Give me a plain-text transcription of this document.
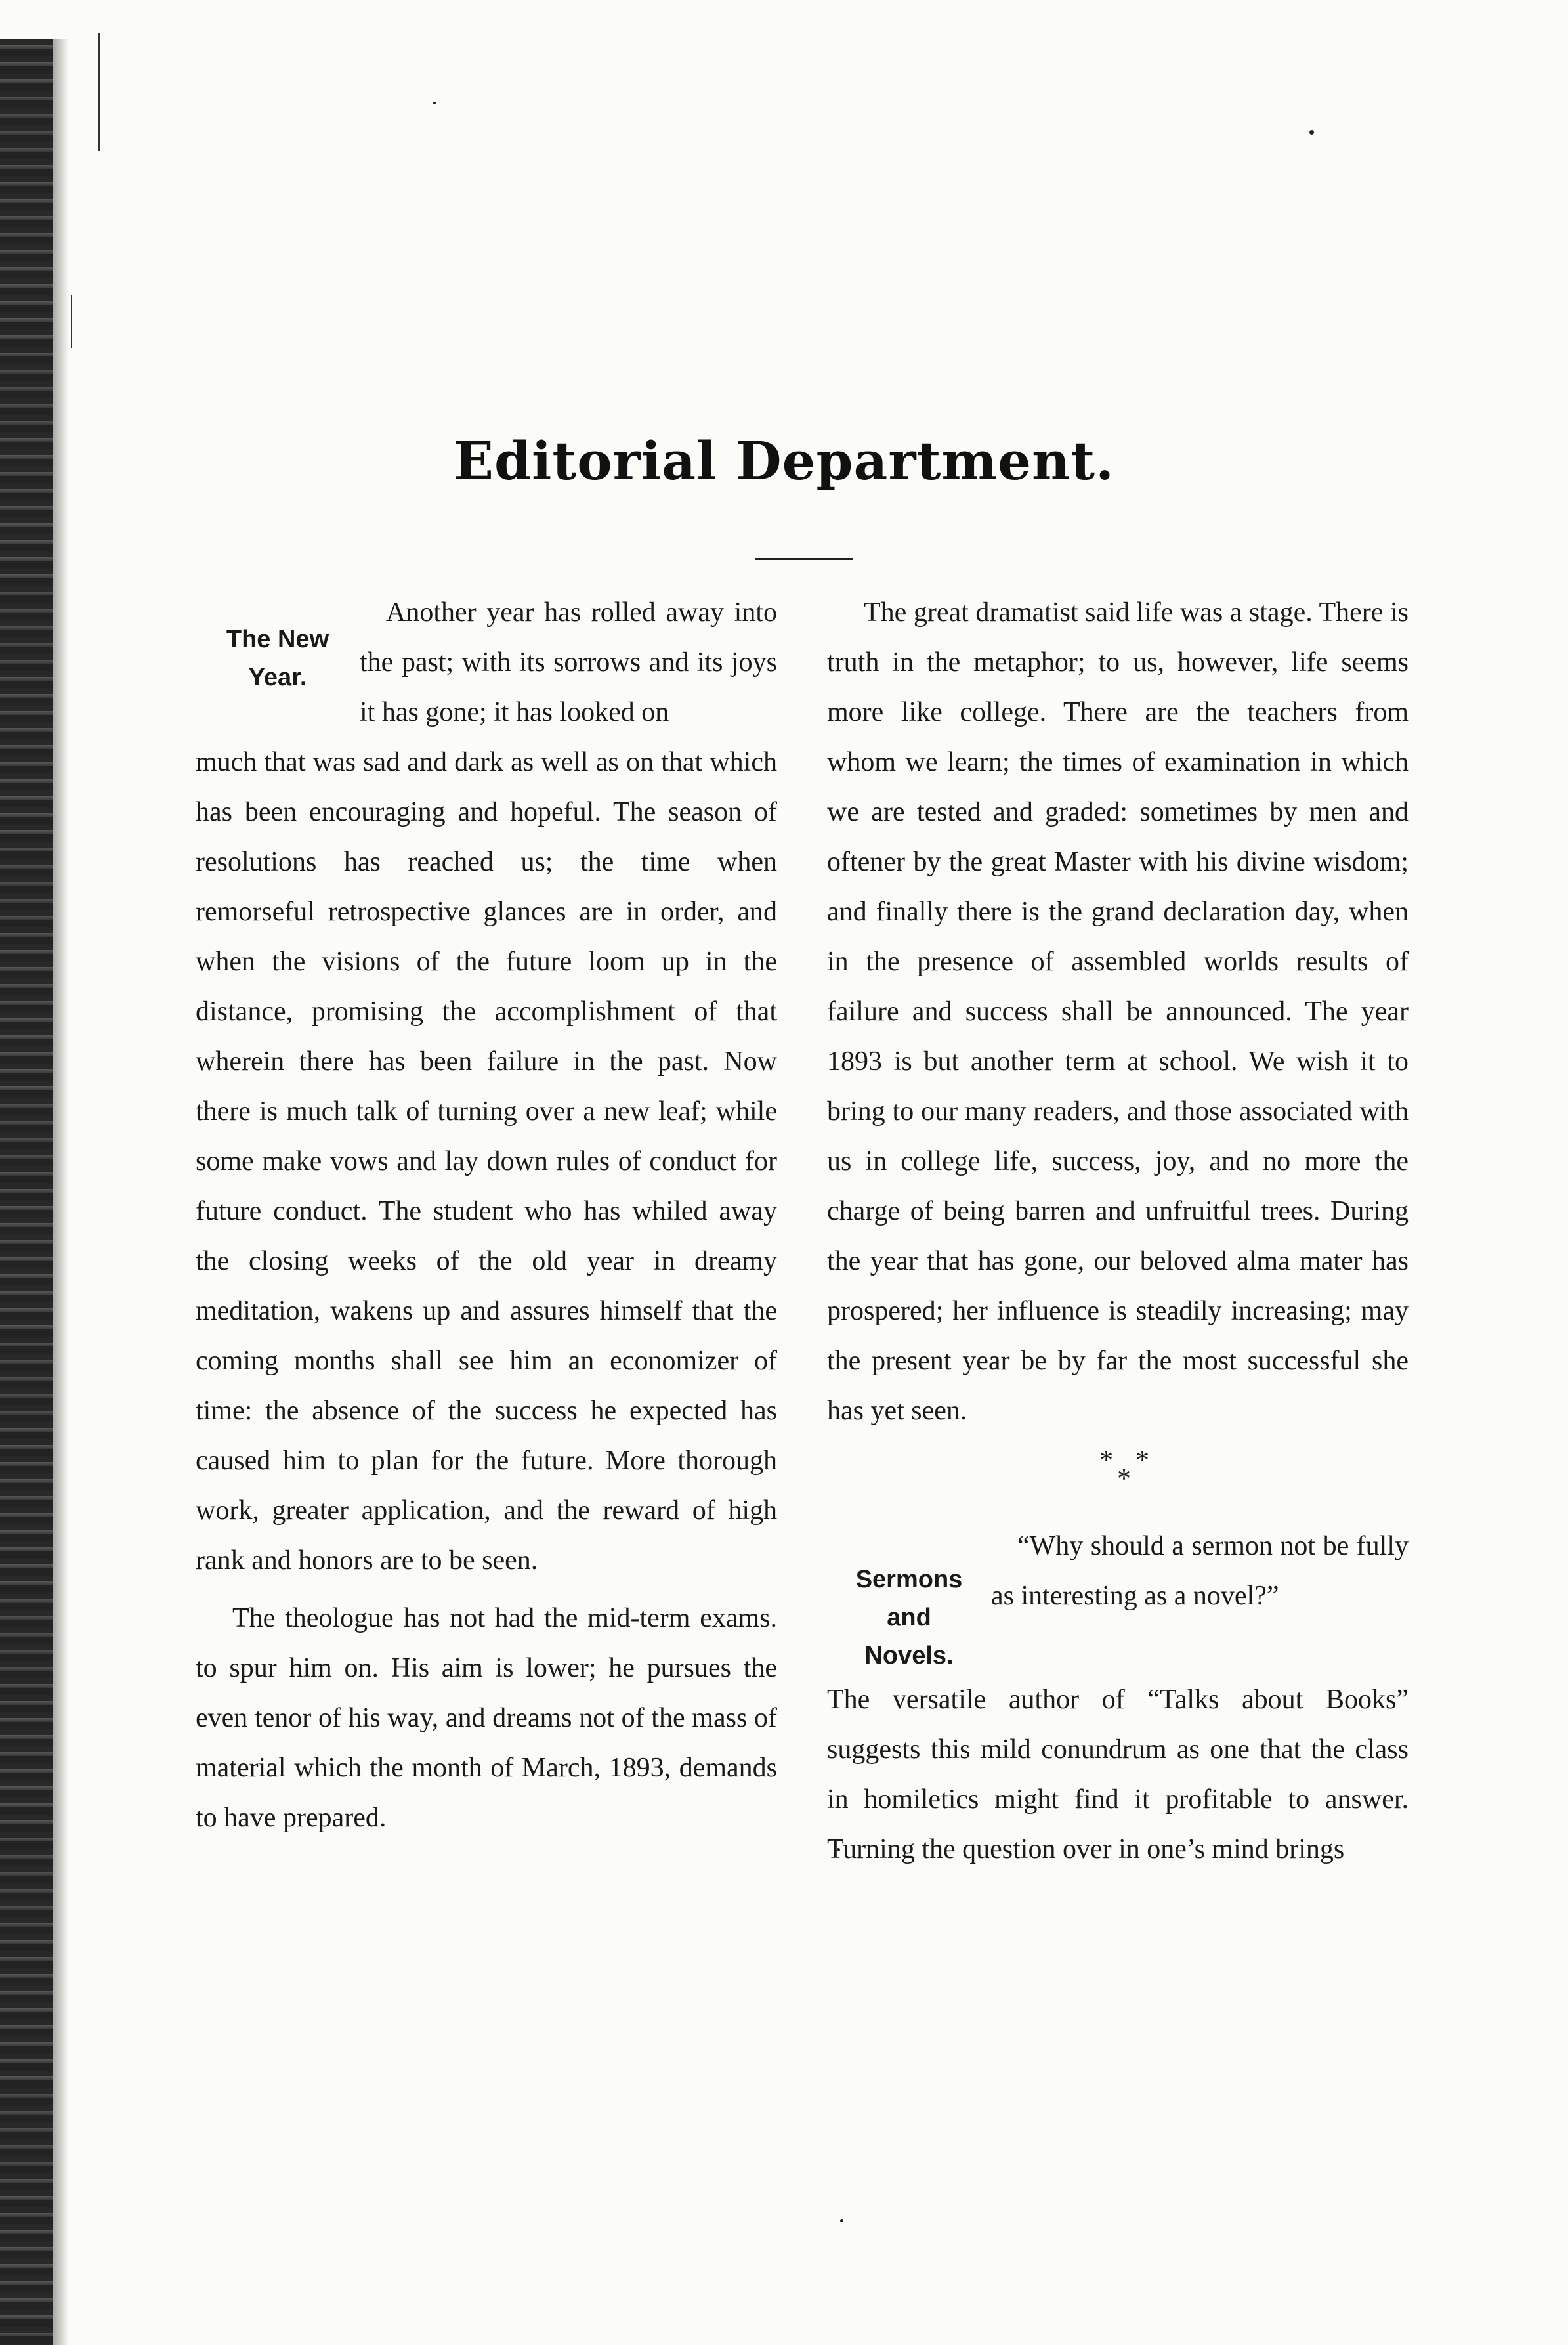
Editorial Department.
The New
Year.
Another year has rolled away into the past; with its sorrows and its joys it has gone; it has looked on

much that was sad and dark as well as on that which has been encouraging and hopeful. The season of resolutions has reached us; the time when remorseful retrospective glances are in order, and when the visions of the future loom up in the distance, promising the accomplishment of that wherein there has been failure in the past. Now there is much talk of turning over a new leaf; while some make vows and lay down rules of conduct for future conduct. The student who has whiled away the closing weeks of the old year in dreamy meditation, wakens up and assures himself that the coming months shall see him an economizer of time: the absence of the success he expected has caused him to plan for the future. More thorough work, greater application, and the reward of high rank and honors are to be seen.

The theologue has not had the mid-term exams. to spur him on. His aim is lower; he pursues the even tenor of his way, and dreams not of the mass of material which the month of March, 1893, demands to have prepared.

The great dramatist said life was a stage. There is truth in the metaphor; to us, however, life seems more like college. There are the teachers from whom we learn; the times of examination in which we are tested and graded: sometimes by men and oftener by the great Master with his divine wisdom; and finally there is the grand declaration day, when in the presence of assembled worlds results of failure and success shall be announced. The year 1893 is but another term at school. We wish it to bring to our many readers, and those associated with us in college life, success, joy, and no more the charge of being barren and unfruitful trees. During the year that has gone, our beloved alma mater has prospered; her influence is steadily increasing; may the present year be by far the most successful she has yet seen.

* *
*
Sermons
and
Novels.
“Why should a sermon not be fully as interesting as a novel?”

The versatile author of “Talks about Books” suggests this mild conundrum as one that the class in homiletics might find it profitable to answer. Turning the question over in one’s mind brings
